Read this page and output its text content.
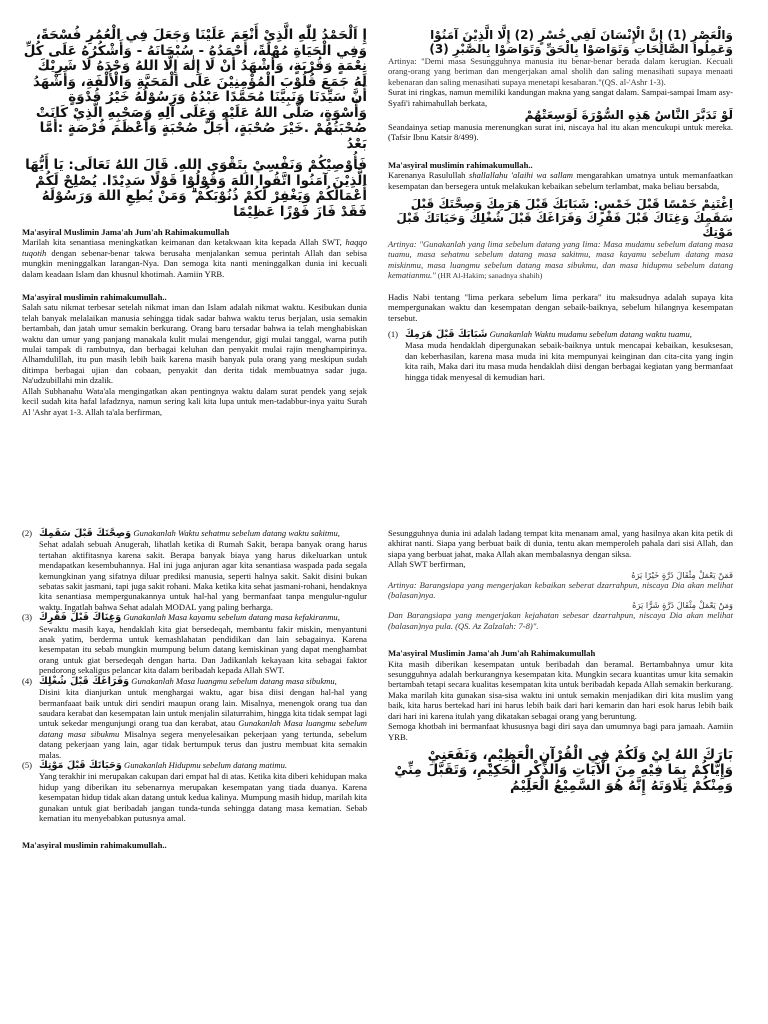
إِ اَلْحَمْدُ لِلّٰهِ الَّذِيْ أَنْعَمَ عَلَيْنَا وَجَعَلَ فِي الْعُمُرِ فُسْحَةً، وَفِي الْحَيَاةِ مُهْلَةً، أَحْمَدُهُ - سُبْحَانَهُ - وَأَشْكُرُهُ عَلَى كُلِّ نِعْمَةٍ وَقُرْبَةٍ، وَأَشْهَدُ أَنْ لَا إِلٰهَ إِلَّا اللهُ وَحْدَهُ لَا شَرِيْكَ لَهُ جَمَعَ قُلُوْبَ الْمُؤْمِنِيْنَ عَلَى الْمَحَبَّةِ وَالْأُلْفَةِ، وَأَشْهَدُ أَنَّ سَيِّدَنَا وَنَبِيَّنَا مُحَمَّدًا عَبْدُهُ وَرَسُوْلُهُ خَيْرُ قُدْوَةٍ وَأُسْوَةٍ، صَلَّى اللهُ عَلَيْهِ وَعَلَى آلِهِ وَصَحْبِهِ الَّذِيْ كَانَتْ صُحْبَتُهُمْ .خَيْرَ صُحْبَةٍ، أَجَلَّ صُحْبَةٍ وَأَعْظَمَ فُرْصَةٍ :أَمَّا بَعْدُ
فَأُوْصِيْكُمْ وَنَفْسِيْ بِتَقْوَى اللهِ. قَالَ اللهُ تَعَالَى: يَا أَيُّهَا الَّذِيْنَ آمَنُوا اتَّقُوا اللهَ وَقُوْلُوْا قَوْلًا سَدِيْدًا. يُصْلِحْ لَكُمْ أَعْمَالَكُمْ وَيَغْفِرْ لَكُمْ ذُنُوْبَكُمْ ۗ وَمَنْ يُطِعِ اللهَ وَرَسُوْلَهُ فَقَدْ فَازَ فَوْزًا عَظِيْمًا
Ma'asyiral Muslimin Jama'ah Jum'ah Rahimakumullah

Marilah kita senantiasa meningkatkan keimanan dan ketakwaan kita kepada Allah SWT, haqqo tuqotih dengan sebenar-benar takwa berusaha menjalankan semua perintah Allah dan sebisa mungkin meninggalkan larangan-Nya. Dan semoga kita nanti meninggalkan dunia ini kecuali dalam keadaan Islam dan khusnul khotimah. Aamiin YRB.

Ma'asyiral muslimin rahimakumullah..

Salah satu nikmat terbesar setelah nikmat iman dan Islam adalah nikmat waktu. Kesibukan dunia telah banyak melalaikan manusia sehingga tidak sadar bahwa waktu terus berjalan, usia semakin bertambah, dan jatah umur semakin berkurang. Orang baru tersadar bahwa ia telah menghabiskan waktu dan umur yang panjang manakala kulit mulai mengendur, gigi mulai tanggal, warna putih mulai tampak di rambutnya, dan berbagai keluhan dan penyakit mulai rajin menghampirinya. Alhamdulillah, itu pun masih lebih baik karena masih banyak pula orang yang meskipun sudah ditimpa berbagai ujian dan cobaan, penyakit dan derita tidak membuatnya sadar juga. Na'udzubillahi min dzalik.

Allah Subhanahu Wata'ala mengingatkan akan pentingnya waktu dalam surat pendek yang sejak kecil sudah kita hafal lafadznya, namun sering kali kita lupa untuk men-tadabbur-inya yaitu Surah Al 'Ashr ayat 1-3. Allah ta'ala berfirman,

وَالْعَصْرِ (1) إِنَّ الْإِنْسَانَ لَفِي خُسْرٍ (2) إِلَّا الَّذِيْنَ آمَنُوْا وَعَمِلُوا الصَّالِحَاتِ وَتَوَاصَوْا بِالْحَقِّ وَتَوَاصَوْا بِالصَّبْرِ (3)

Artinya: "Demi masa Sesungguhnya manusia itu benar-benar berada dalam kerugian. Kecuali orang-orang yang beriman dan mengerjakan amal sholih dan saling menasihati supaya menaati kebenaran dan saling menasihati supaya menetapi kesabaran."(QS. al-'Ashr 1-3).

Surat ini ringkas, namun memiliki kandungan makna yang sangat dalam. Sampai-sampai Imam asy-Syafi'i rahimahullah berkata,

لَوْ تَدَبَّرَ النَّاسُ هَذِهِ السُّوْرَةَ لَوَسِعَتْهُمْ

Seandainya setiap manusia merenungkan surat ini, niscaya hal itu akan mencukupi untuk mereka. (Tafsir Ibnu Katsir 8/499).

Ma'asyiral muslimin rahimakumullah..

Karenanya Rasulullah shallallahu 'alaihi wa sallam mengarahkan umatnya untuk memanfaatkan kesempatan dan bersegera untuk melakukan kebaikan sebelum terlambat, maka beliau bersabda,

اِغْتَنِمْ خَمْسًا قَبْلَ خَمْسٍ: شَبَابَكَ قَبْلَ هَرَمِكَ وَصِحَّتَكَ قَبْلَ سَقَمِكَ وَغِنَاكَ قَبْلَ فَقْرِكَ وَفَرَاغَكَ قَبْلَ شُغْلِكَ وَحَيَاتَكَ قَبْلَ مَوْتِكَ

Artinya: "Gunakanlah yang lima sebelum datang yang lima: Masa mudamu sebelum datang masa tuamu, masa sehatmu sebelum datang masa sakitmu, masa kayamu sebelum datang masa miskinmu, masa luangmu sebelum datang masa sibukmu, dan masa hidupmu sebelum datang kematianmu." (HR Al-Hakim; sanadnya shahih)

Hadis Nabi tentang "lima perkara sebelum lima perkara" itu maksudnya adalah supaya kita mempergunakan waktu dan kesempatan dengan sebaik-baiknya, sebelum hilangnya kesempatan tersebut.

(1) شَبَابَكَ قَبْلَ هَرَمِكَ Gunakanlah Waktu mudamu sebelum datang waktu tuamu,

Masa muda hendaklah dipergunakan sebaik-baiknya untuk mencapai kebaikan, kesuksesan, dan keberhasilan, karena masa muda ini kita mempunyai keinginan dan cita-cita yang ingin kita raih, Maka dari itu masa muda hendaklah diisi dengan berbagai kegiatan yang bermanfaat hingga tidak menyesal di kemudian hari.

(2) وَصِحَّتَكَ قَبْلَ سَقَمِكَ Gunakanlah Waktu sehatmu sebelum datang waktu sakitmu,

Sehat adalah sebuah Anugerah, lihatlah ketika di Rumah Sakit, berapa banyak orang harus tertahan aktifitasnya karena sakit. Berapa banyak biaya yang harus dikeluarkan untuk mendapatkan kesembuhannya. Hal ini juga anjuran agar kita senantiasa waspada pada segala kemungkinan yang sifatnya diluar prediksi manusia, seperti halnya sakit. Sakit disini bukan sebatas sakit jasmani, tapi juga sakit rohani. Maka ketika kita sehat jasmani-rohani, hendaknya kita senantiasa mempergunakannya untuk hal-hal yang bermanfaat tanpa mengulur-ngulur waktu. Ingatlah bahwa Sehat adalah MODAL yang paling berharga.

(3) وَغِنَاكَ قَبْلَ فَقْرِكَ Gunakanlah Masa kayamu sebelum datang masa kefakiranmu,

Sewaktu masih kaya, hendaklah kita giat bersedeqah, membantu fakir miskin, menyantuni anak yatim, berderma untuk kemashlahatan pendidikan dan lain sebagainya. Karena kesempatan itu sebab mungkin mumpung belum datang kemiskinan yang dapat menghambat orang untuk giat bersedeqah dengan harta. Dan Jadikanlah kekayaan kita sebagai faktor pendorong sekaligus pelancar kita dalam beribadah kepada Allah SWT.

(4) وَفَرَاغَكَ قَبْلَ شُغْلِكَ Gunakanlah Masa luangmu sebelum datang masa sibukmu,

Disini kita dianjurkan untuk menghargai waktu, agar bisa diisi dengan hal-hal yang bermanfaaat baik untuk diri sendiri maupun orang lain. Misalnya, menengok orang tua dan saudara kerabat dan kesempatan lain untuk menjalin silaturrahim, hingga kita tidak sempat lagi untuk sekedar mengunjungi orang tua dan kerabat, atau Gunakanlah Masa luangmu sebelum datang masa sibukmu Misalnya segera menyelesaikan pekerjaan yang tertunda, sebelum datang pekerjaan yang lain, agar tidak bertumpuk terus dan justru membuat kita semakin malas.

(5) وَحَيَاتَكَ قَبْلَ مَوْتِكَ Gunakanlah Hidupmu sebelum datang matimu.

Yang terakhir ini merupakan cakupan dari empat hal di atas. Ketika kita diberi kehidupan maka hidup yang diberikan itu sebenarnya merupakan kesempatan yang tiada duanya. Karena kesempatan hidup tidak akan datang untuk kedua kalinya. Mumpung masih hidup, marilah kita gunakan untuk giat beribadah jangan tunda-tunda sehingga datang masa kematian. Sebab kematian itu menyebabkan putusnya amal.

Ma'asyiral muslimin rahimakumullah..

Sesungguhnya dunia ini adalah ladang tempat kita menanam amal, yang hasilnya akan kita petik di akhirat nanti. Siapa yang berbuat baik di dunia, tentu akan memperoleh pahala dari sisi Allah, dan siapa yang berbuat jahat, maka Allah akan membalasnya dengan siksa.

Allah SWT berfirman,

فَمَنْ يَعْمَلْ مِثْقَالَ ذَرَّةٍ خَيْرًا يَرَهُ

Artinya: Barangsiapa yang mengerjakan kebaikan seberat dzarrahpun, niscaya Dia akan melihat (balasan)nya.

وَمَنْ يَعْمَلْ مِثْقَالَ ذَرَّةٍ شَرًّا يَرَهُ

Dan Barangsiapa yang mengerjakan kejahatan sebesar dzarrahpun, niscaya Dia akan melihat (balasan)nya pula. (QS. Az Zalzalah: 7-8)".

Ma'asyiral Muslimin Jama'ah Jum'ah Rahimakumullah

Kita masih diberikan kesempatan untuk beribadah dan beramal. Bertambahnya umur kita sesungguhnya adalah berkurangnya kesempatan kita. Mungkin secara kuantitas umur kita semakin bertambah tetapi secara kualitas kesempatan kita untuk beribadah kepada Allah semakin berkurang. Maka marilah kita gunakan sisa-sisa waktu ini untuk semakin menjadikan diri kita muslim yang baik, kita harus bertekad hari ini harus lebih baik dari hari kemarin dan hari esok harus lebih baik dari hari ini karena itulah yang dikatakan sebagai orang yang beruntung.

Semoga khotbah ini bermanfaat khususnya bagi diri saya dan umumnya bagi para jamaah. Aamiin YRB.

بَارَكَ اللهُ لِيْ وَلَكُمْ فِي الْقُرْآنِ الْعَظِيْمِ، وَنَفَعَنِيْ وَإِيَّاكُمْ بِمَا فِيْهِ مِنَ الْآيَاتِ وَالذِّكْرِ الْحَكِيْمِ، وَتَقَبَّلَ مِنِّيْ وَمِنْكُمْ تِلَاوَتَهُ إِنَّهُ هُوَ السَّمِيْعُ الْعَلِيْمُ
